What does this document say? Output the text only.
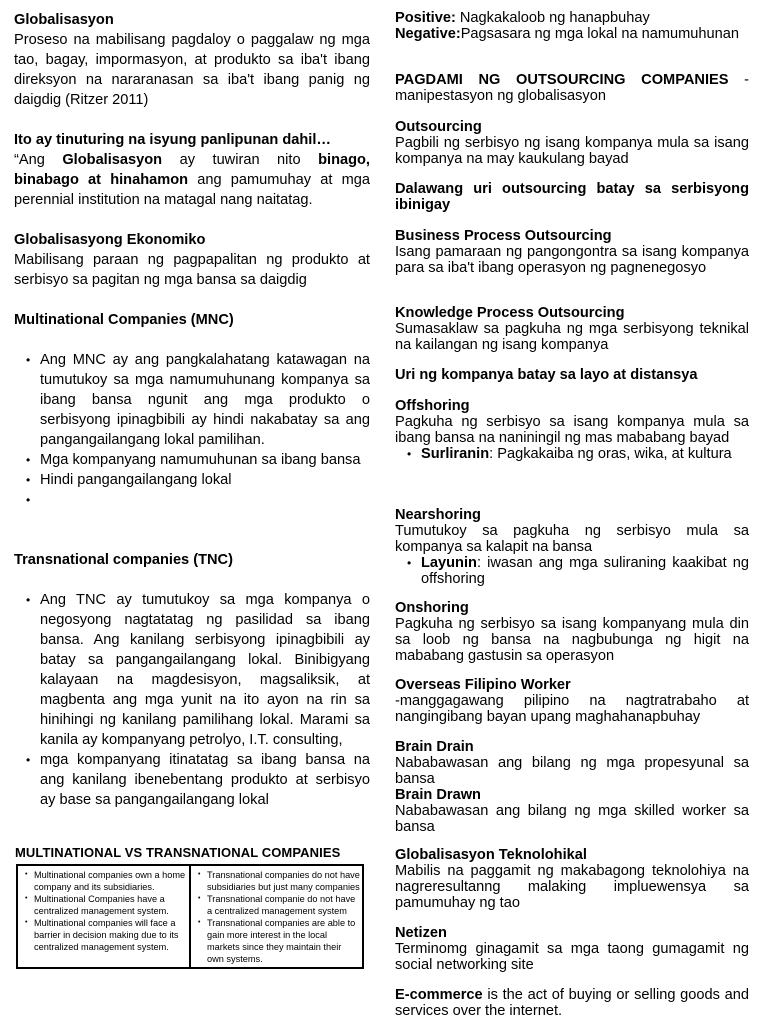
Globalisasyon

Proseso na mabilisang pagdaloy o paggalaw ng mga tao, bagay, impormasyon, at produkto sa iba't ibang direksyon na nararanasan sa iba't ibang panig ng daigdig (Ritzer 2011)

Ito ay tinuturing na isyung panlipunan dahil…

“Ang Globalisasyon ay tuwiran nito binago, binabago at hinahamon ang pamumuhay at mga perennial institution na matagal nang naitatag.

Globalisasyong Ekonomiko

Mabilisang paraan ng pagpapalitan ng produkto at serbisyo sa pagitan ng mga bansa sa daigdig

Multinational Companies (MNC)

• Ang MNC ay ang pangkalahatang katawagan na tumutukoy sa mga namumuhunang kompanya sa ibang bansa ngunit ang mga produkto o serbisyong ipinagbibili ay hindi nakabatay sa ang pangangailangang lokal pamilihan.
• Mga kompanyang namumuhunan sa ibang bansa
• Hindi pangangailangang lokal
•

Transnational companies (TNC)

• Ang TNC ay tumutukoy sa mga kompanya o negosyong nagtatatag ng pasilidad sa ibang bansa. Ang kanilang serbisyong ipinagbibili ay batay sa pangangailangang lokal. Binibigyang kalayaan na magdesisyon, magsaliksik, at magbenta ang mga yunit na ito ayon na rin sa hinihingi ng kanilang pamilihang lokal. Marami sa kanila ay kompanyang petrolyo, I.T. consulting,
• mga kompanyang itinatatag sa ibang bansa na ang kanilang ibenebentang produkto at serbisyo ay base sa pangangailangang lokal
MULTINATIONAL VS TRANSNATIONAL COMPANIES
• Multinational companies own a home company and its subsidiaries.
• Multinational Companies have a centralized management system.
• Multinational companies will face a barrier in decision making due to its centralized management system.

• Transnational companies do not have subsidiaries but just many companies
• Transnational companie do not have a centralized management system
• Transnational companies are able to gain more interest in the local markets since they maintain their own systems.

Positive: Nagkakaloob ng hanapbuhay

Negative:Pagsasara ng mga lokal na namumuhunan

PAGDAMI NG OUTSOURCING COMPANIES - manipestasyon ng globalisasyon

Outsourcing

Pagbili ng serbisyo ng isang kompanya mula sa isang kompanya na may kaukulang bayad

Dalawang uri outsourcing batay sa serbisyong ibinigay

Business Process Outsourcing

Isang pamaraan ng pangongontra sa isang kompanya para sa iba't ibang operasyon ng pagnenegosyo

Knowledge Process Outsourcing

Sumasaklaw sa pagkuha ng mga serbisyong teknikal na kailangan ng isang kompanya

Uri ng kompanya batay sa layo at distansya

Offshoring

Pagkuha ng serbisyo sa isang kompanya mula sa ibang bansa na naniningil ng mas mababang bayad

• Surliranin: Pagkakaiba ng oras, wika, at kultura

Nearshoring

Tumutukoy sa pagkuha ng serbisyo mula sa kompanya sa kalapit na bansa

• Layunin: iwasan ang mga suliraning kaakibat ng offshoring

Onshoring

Pagkuha ng serbisyo sa isang kompanyang mula din sa loob ng bansa na nagbubunga ng higit na mababang gastusin sa operasyon

Overseas Filipino Worker

-manggagawang pilipino na nagtratrabaho at nangingibang bayan upang maghahanapbuhay

Brain Drain

Nababawasan ang bilang ng mga propesyunal sa bansa

Brain Drawn

Nababawasan ang bilang ng mga skilled worker sa bansa

Globalisasyon Teknolohikal

Mabilis na paggamit ng makabagong teknolohiya na nagreresultanng malaking impluewensya sa pamumuhay ng tao

Netizen

Terminomg ginagamit sa mga taong gumagamit ng social networking site

E-commerce is the act of buying or selling goods and services over the internet.
